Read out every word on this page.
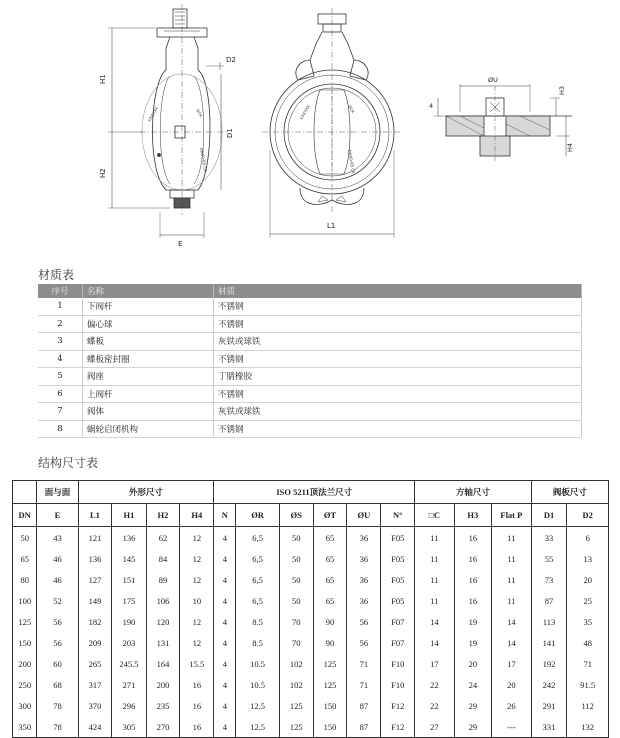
XXXXXX	DCK
DN50-65 CE
H1
H2
D2
D1
E
XXXXXX	DCK
DN50-65 CE
L1
ØU
H3
H4
4
材质表
序号	名称	材质
1	下阀杆	不锈钢
2	偏心球	不锈钢
3	蝶板	灰铁或球铁
4	蝶板密封圈	不锈钢
5	阀座	丁腈橡胶
6	上阀杆	不锈钢
7	阀体	灰铁或球铁
8	蜗轮启闭机构	不锈钢
结构尺寸表
	面与面	外形尺寸				ISO 5211顶法兰尺寸						方轴尺寸			阀板尺寸	
DN	E	L1	H1	H2	H4	N	ØR	ØS	ØT	ØU	N°	□C	H3	Flat P	D1	D2
50	43	121	136	62	12	4	6,5	50	65	36	F05	11	16	11	33	6
65	46	136	145	84	12	4	6,5	50	65	36	F05	11	16	11	55	13
80	46	127	151	89	12	4	6,5	50	65	36	F05	11	16	11	73	20
100	52	149	175	106	10	4	6,5	50	65	36	F05	11	16	11	87	25
125	56	182	190	120	12	4	8.5	70	90	56	F07	14	19	14	113	35
150	56	209	203	131	12	4	8.5	70	90	56	F07	14	19	14	141	48
200	60	265	245.5	164	15.5	4	10.5	102	125	71	F10	17	20	17	192	71
250	68	317	271	200	16	4	10.5	102	125	71	F10	22	24	20	242	91.5
300	78	370	296	235	16	4	12.5	125	150	87	F12	22	29	26	291	112
350	78	424	305	270	16	4	12.5	125	150	87	F12	27	29	---	331	132
